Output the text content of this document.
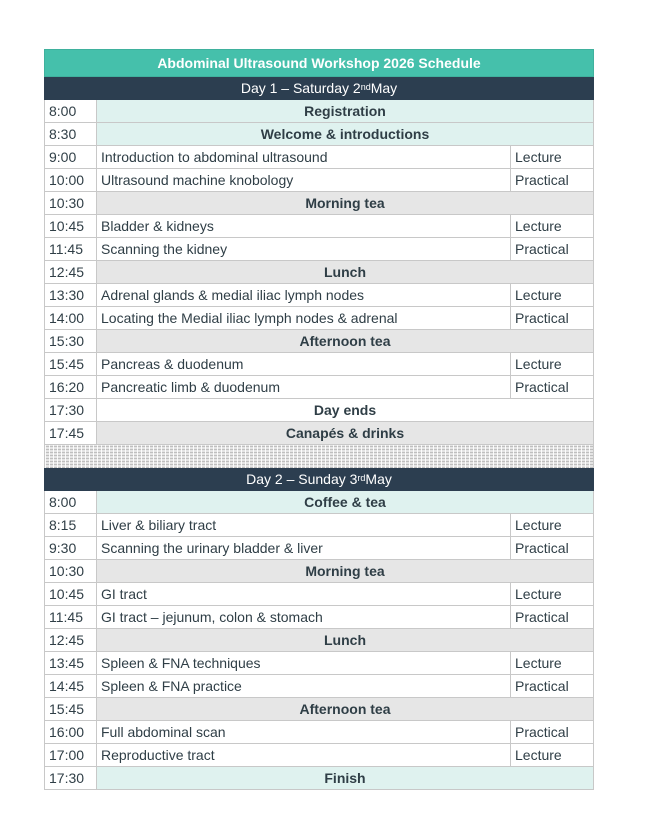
Abdominal Ultrasound Workshop 2026 Schedule
Day 1 – Saturday 2nd May
8:00	Registration
8:30	Welcome & introductions
9:00	Introduction to abdominal ultrasound	Lecture
10:00	Ultrasound machine knobology	Practical
10:30	Morning tea
10:45	Bladder & kidneys	Lecture
11:45	Scanning the kidney	Practical
12:45	Lunch
13:30	Adrenal glands & medial iliac lymph nodes	Lecture
14:00	Locating the Medial iliac lymph nodes & adrenal	Practical
15:30	Afternoon tea
15:45	Pancreas & duodenum	Lecture
16:20	Pancreatic limb & duodenum	Practical
17:30	Day ends
17:45	Canapés & drinks
Day 2 – Sunday 3rd May
8:00	Coffee & tea
8:15	Liver & biliary tract	Lecture
9:30	Scanning the urinary bladder & liver	Practical
10:30	Morning tea
10:45	GI tract	Lecture
11:45	GI tract – jejunum, colon & stomach	Practical
12:45	Lunch
13:45	Spleen & FNA techniques	Lecture
14:45	Spleen & FNA practice	Practical
15:45	Afternoon tea
16:00	Full abdominal scan	Practical
17:00	Reproductive tract	Lecture
17:30	Finish
